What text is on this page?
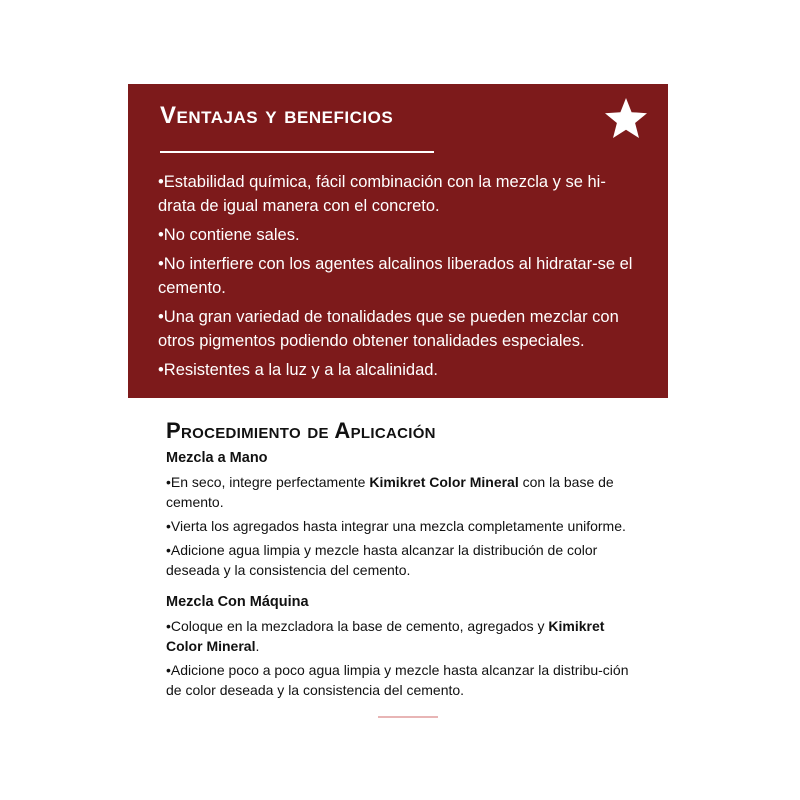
Ventajas y beneficios
•Estabilidad química, fácil combinación con la mezcla y se hi-drata de igual manera con el concreto.
•No contiene sales.
•No interfiere con los agentes alcalinos liberados al hidratar-se el cemento.
•Una gran variedad de tonalidades que se pueden mezclar con otros pigmentos podiendo obtener tonalidades especiales.
•Resistentes a la luz y a la alcalinidad.
Procedimiento de Aplicación
Mezcla a Mano
•En seco, integre perfectamente Kimikret Color Mineral con la base de cemento.
•Vierta los agregados hasta integrar una mezcla completamente uniforme.
•Adicione agua limpia y mezcle hasta alcanzar la distribución de color deseada y la consistencia del cemento.
Mezcla Con Máquina
•Coloque en la mezcladora la base de cemento, agregados y Kimikret Color Mineral.
•Adicione poco a poco agua limpia y mezcle hasta alcanzar la distribu-ción de color deseada y la consistencia del cemento.
